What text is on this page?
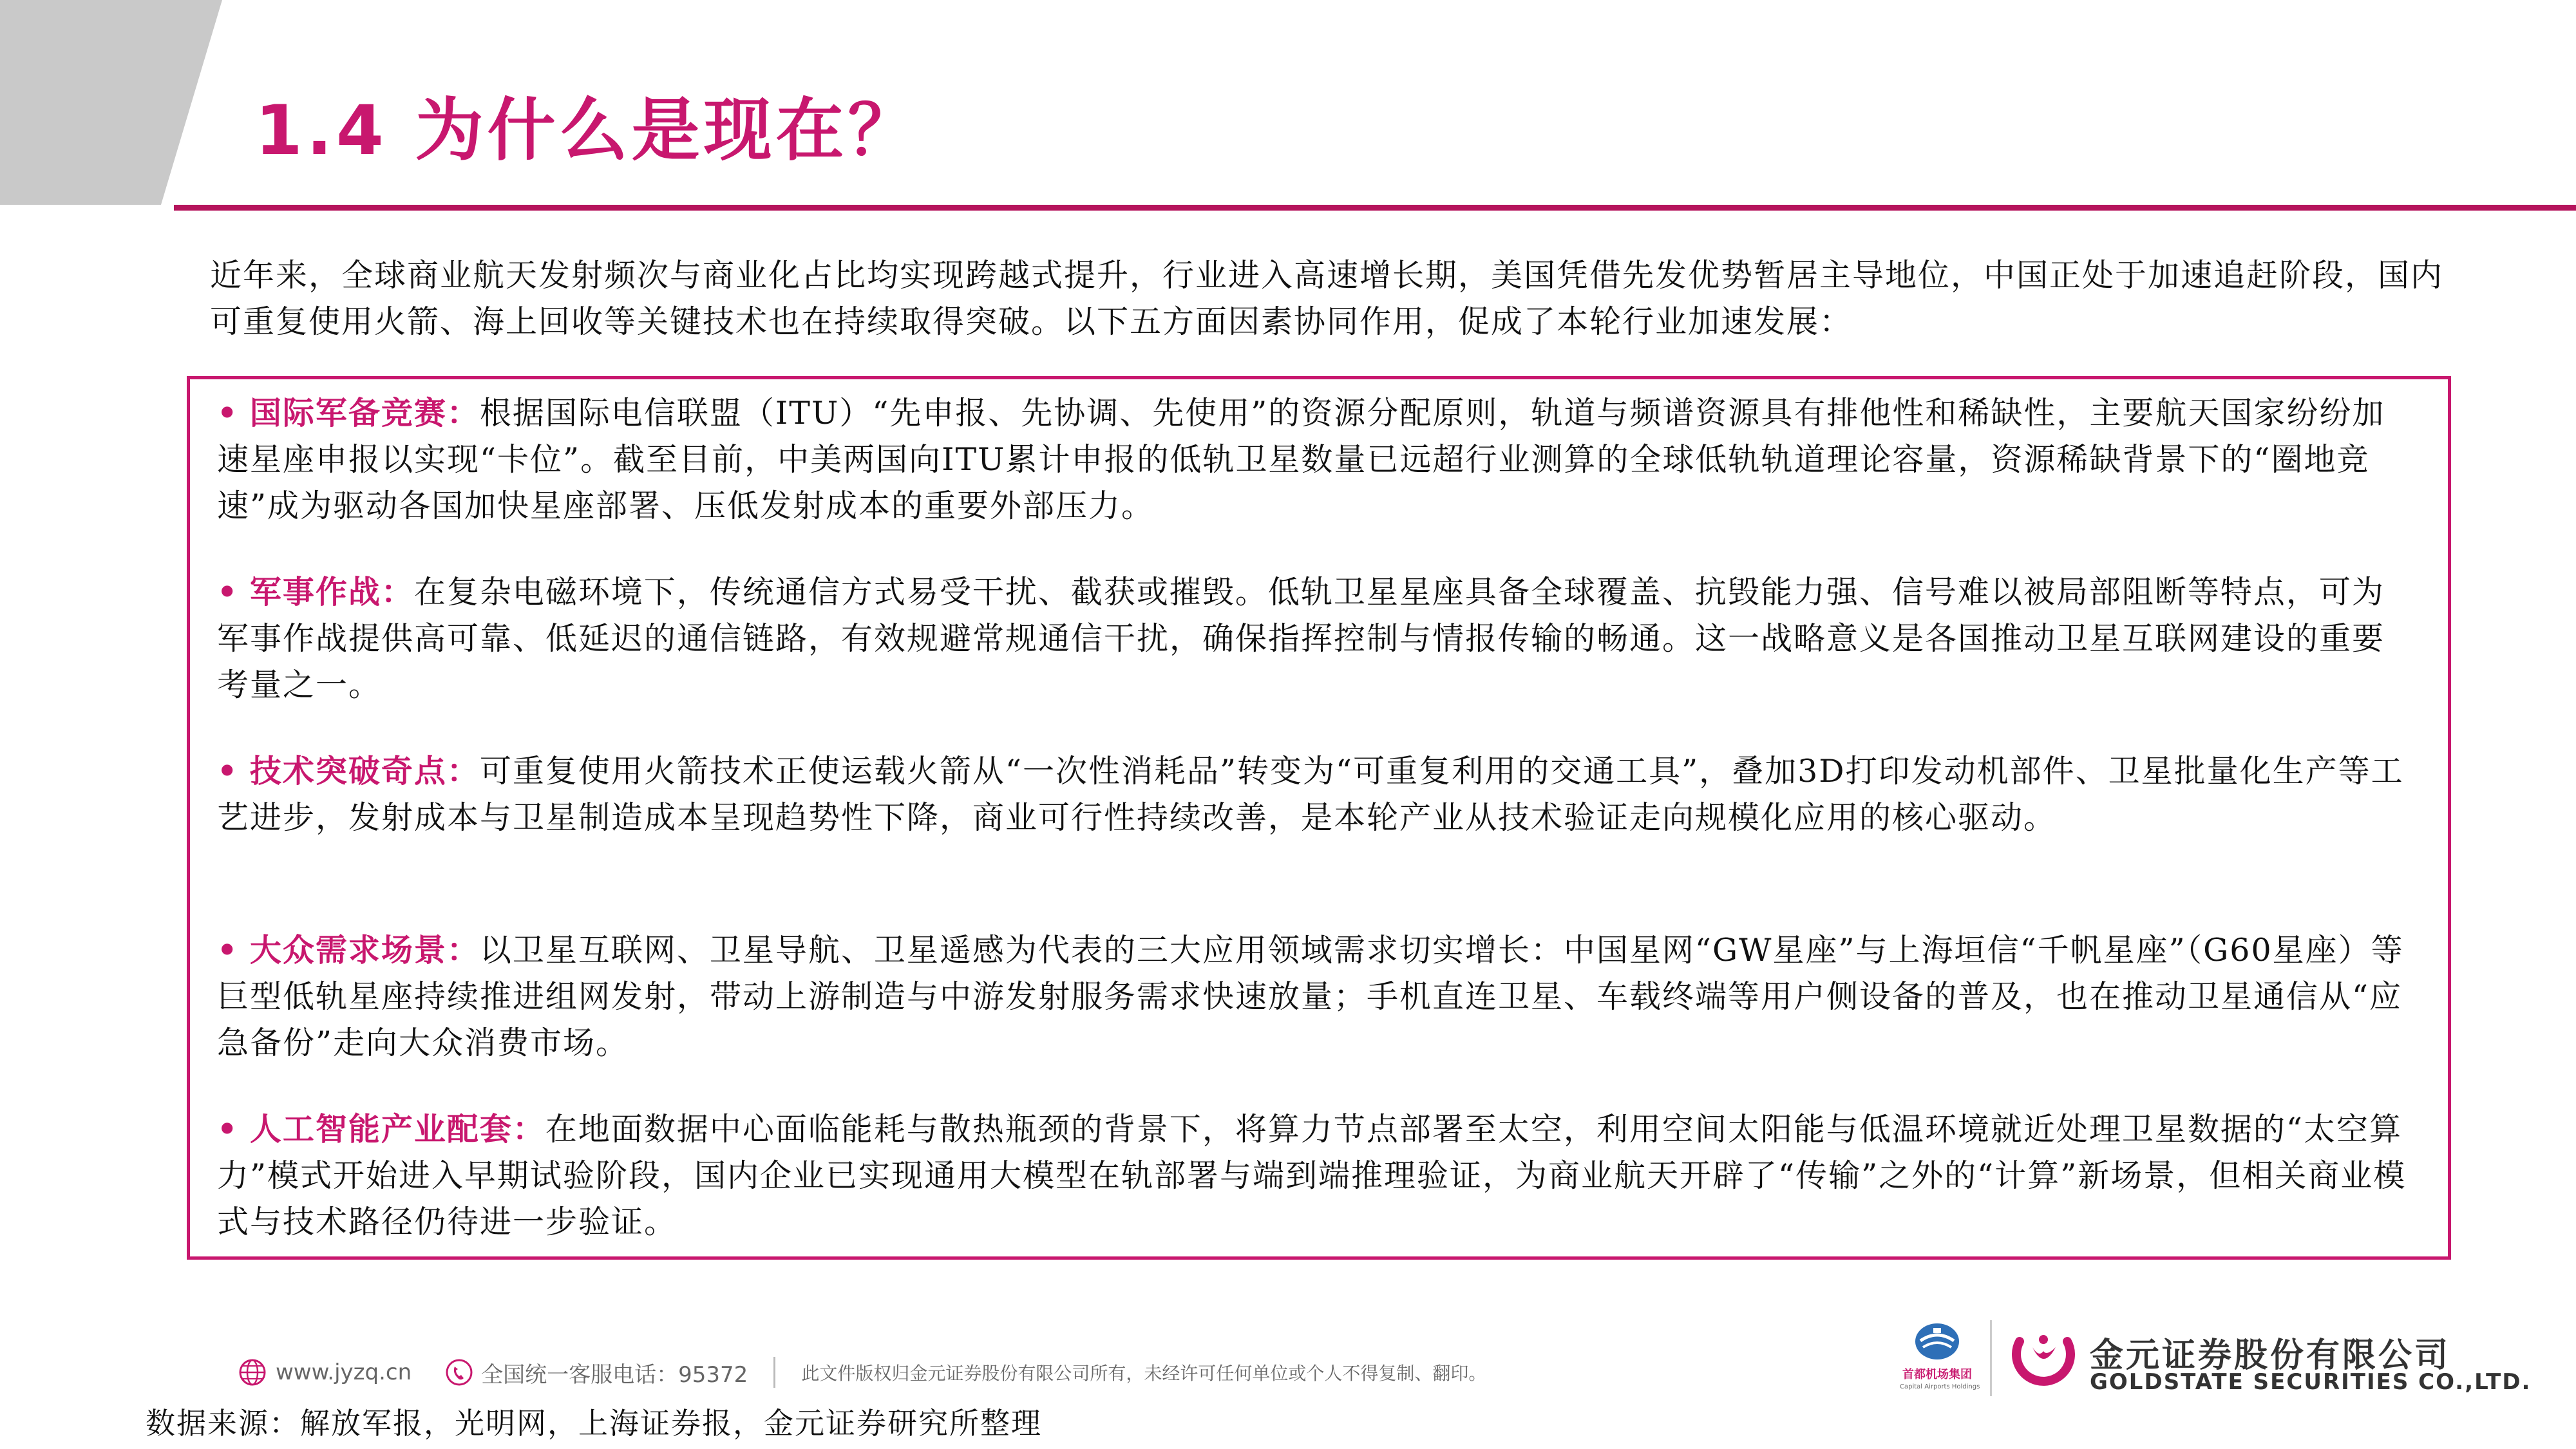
1.4 为什么是现在？

近年来，全球商业航天发射频次与商业化占比均实现跨越式提升，行业进入高速增长期，美国凭借先发优势暂居主导地位，中国正处于加速追赶阶段，国内可重复使用火箭、海上回收等关键技术也在持续取得突破。以下五方面因素协同作用，促成了本轮行业加速发展：

• 国际军备竞赛：根据国际电信联盟（ITU）“先申报、先协调、先使用”的资源分配原则，轨道与频谱资源具有排他性和稀缺性，主要航天国家纷纷加速星座申报以实现“卡位”。截至目前，中美两国向ITU累计申报的低轨卫星数量已远超行业测算的全球低轨轨道理论容量，资源稀缺背景下的“圈地竞速”成为驱动各国加快星座部署、压低发射成本的重要外部压力。
• 军事作战：在复杂电磁环境下，传统通信方式易受干扰、截获或摧毁。低轨卫星星座具备全球覆盖、抗毁能力强、信号难以被局部阻断等特点，可为军事作战提供高可靠、低延迟的通信链路，有效规避常规通信干扰，确保指挥控制与情报传输的畅通。这一战略意义是各国推动卫星互联网建设的重要考量之一。
• 技术突破奇点：可重复使用火箭技术正使运载火箭从“一次性消耗品”转变为“可重复利用的交通工具”，叠加3D打印发动机部件、卫星批量化生产等工艺进步，发射成本与卫星制造成本呈现趋势性下降，商业可行性持续改善，是本轮产业从技术验证走向规模化应用的核心驱动。
• 大众需求场景：以卫星互联网、卫星导航、卫星遥感为代表的三大应用领域需求切实增长：中国星网“GW星座”与上海垣信“千帆星座”（G60星座）等巨型低轨星座持续推进组网发射，带动上游制造与中游发射服务需求快速放量；手机直连卫星、车载终端等用户侧设备的普及，也在推动卫星通信从“应急备份”走向大众消费市场。
• 人工智能产业配套：在地面数据中心面临能耗与散热瓶颈的背景下，将算力节点部署至太空，利用空间太阳能与低温环境就近处理卫星数据的“太空算力”模式开始进入早期试验阶段，国内企业已实现通用大模型在轨部署与端到端推理验证，为商业航天开辟了“传输”之外的“计算”新场景，但相关商业模式与技术路径仍待进一步验证。
www.jyzq.cn	全国统一客服电话：95372	此文件版权归金元证券股份有限公司所有，未经许可任何单位或个人不得复制、翻印。	首都机场集团
Capital Airports Holdings
金元证券股份有限公司
GOLDSTATE SECURITIES CO.,LTD.
数据来源：解放军报，光明网，上海证券报，金元证券研究所整理
